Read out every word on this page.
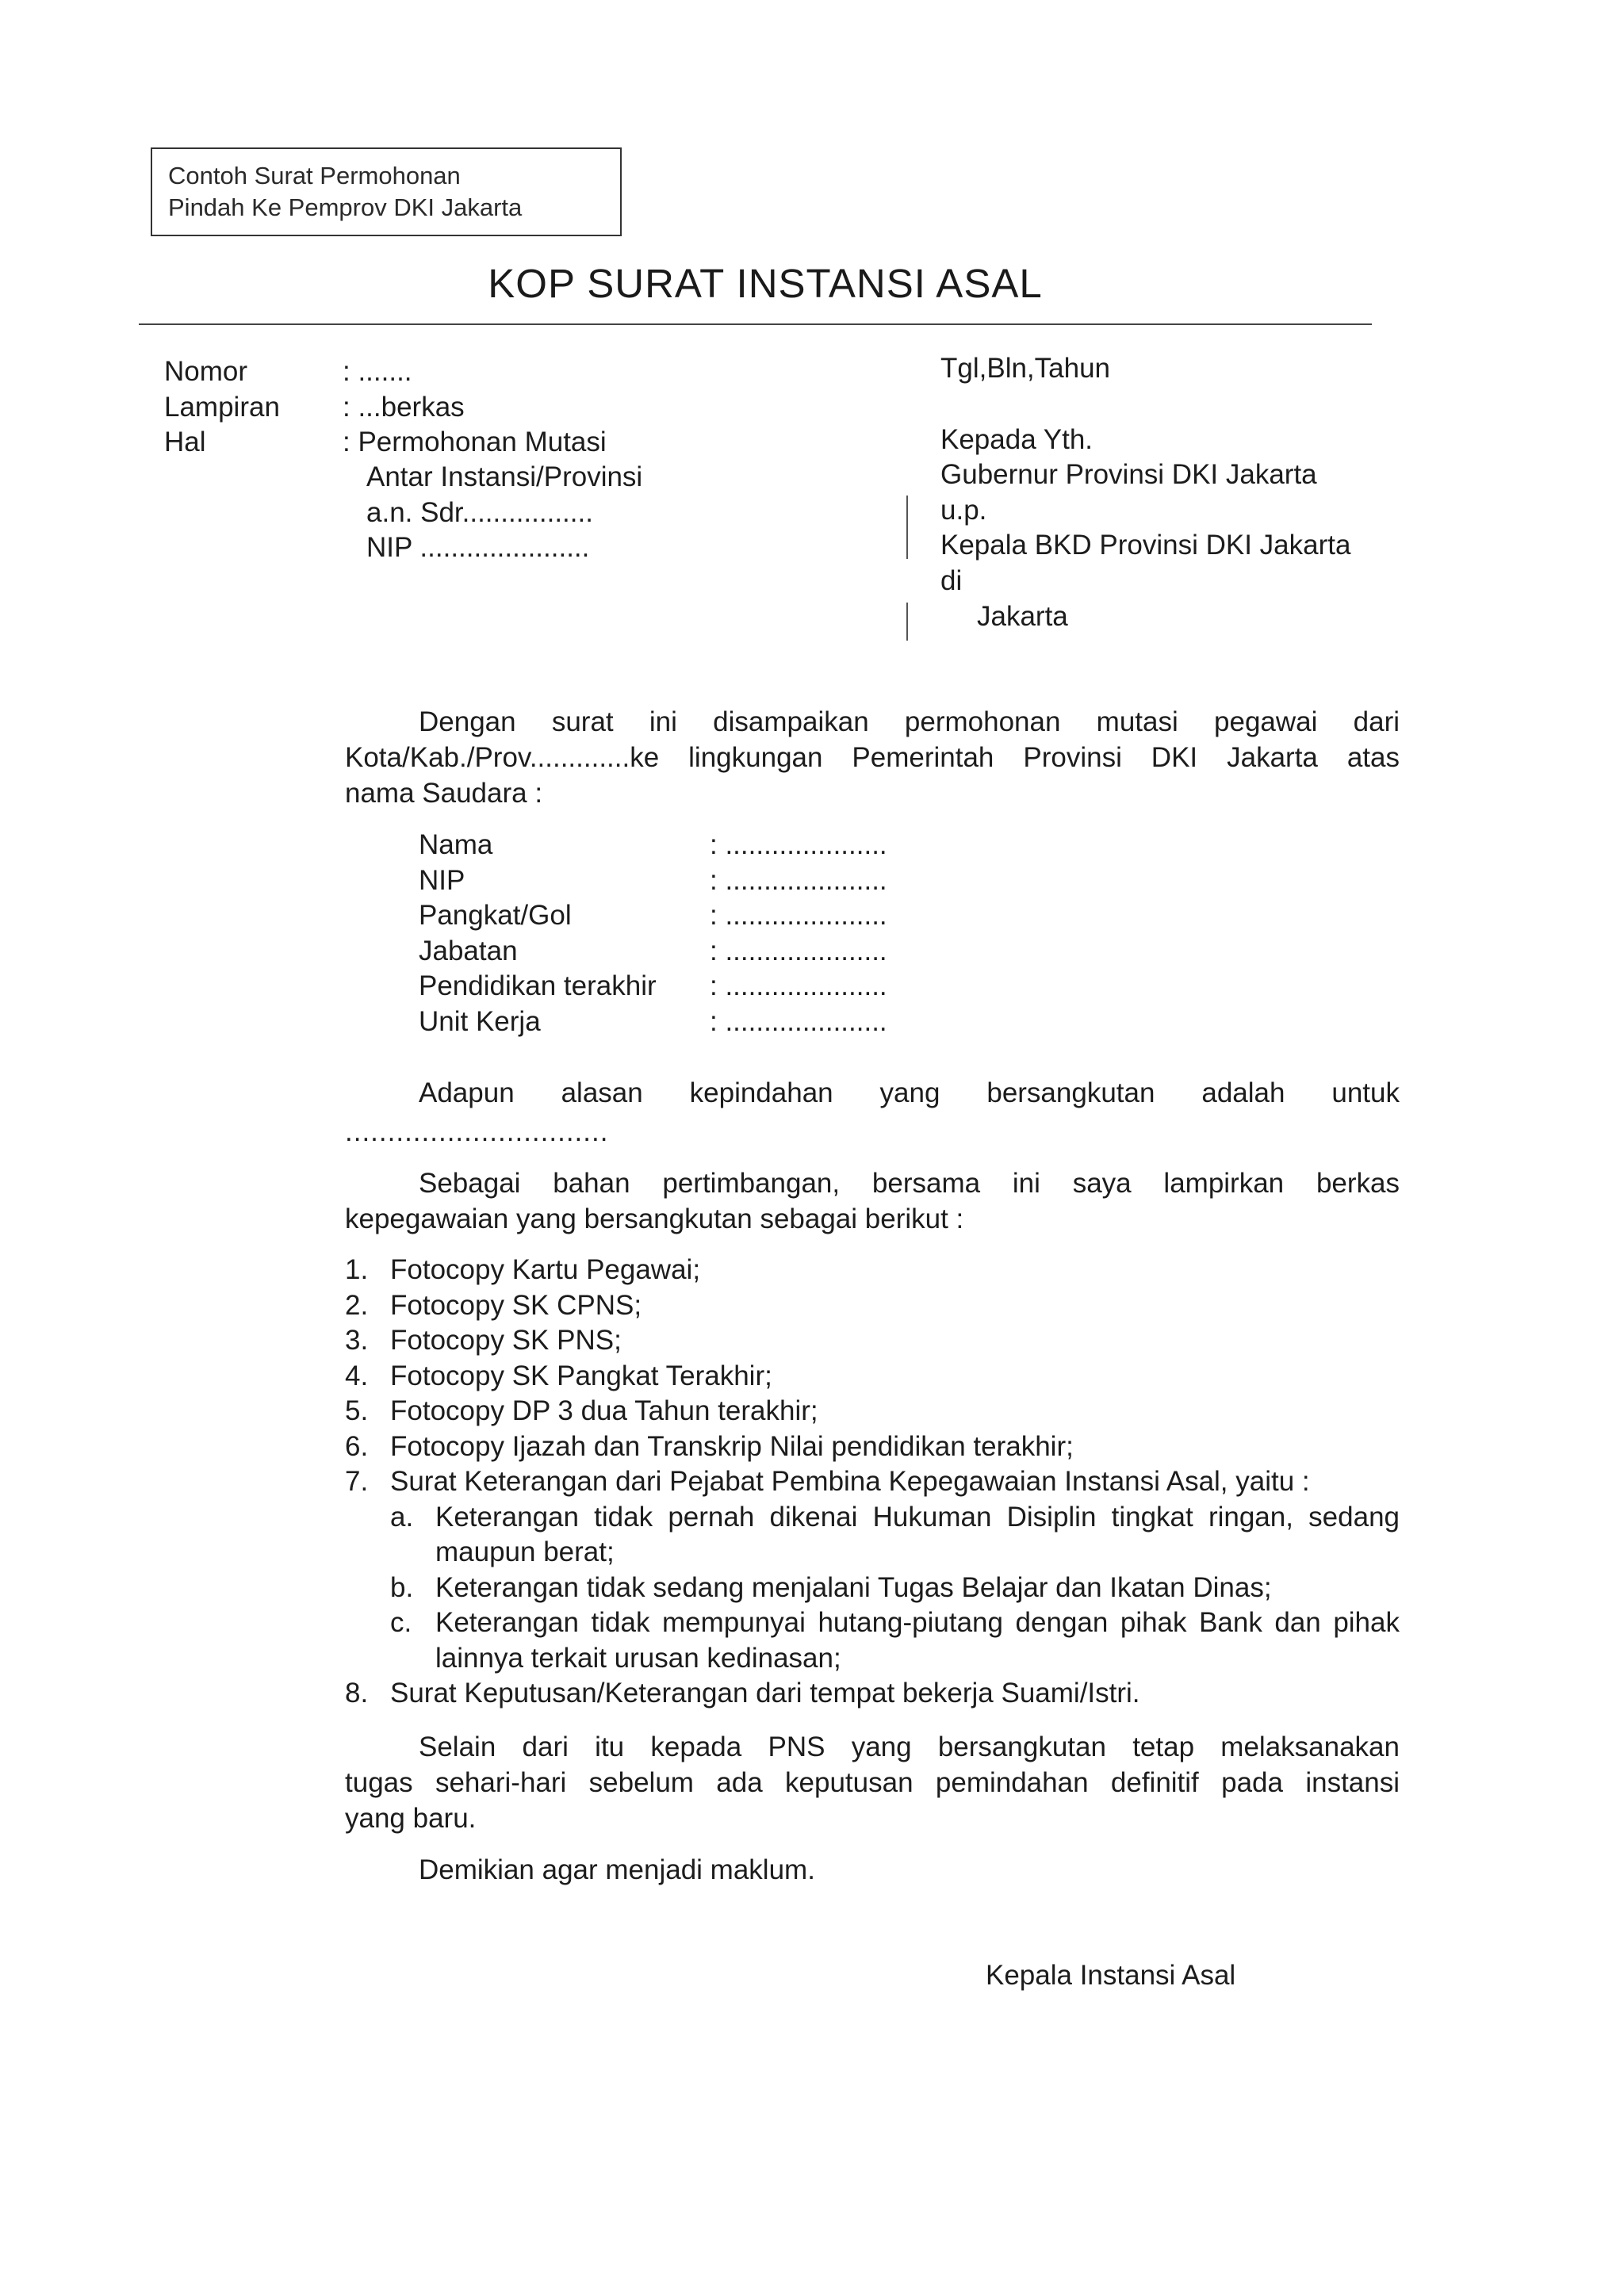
Contoh Surat Permohonan
Pindah Ke Pemprov DKI Jakarta
KOP SURAT INSTANSI ASAL
Nomor	: .......
Lampiran : ...berkas
Hal	: Permohonan Mutasi
Antar Instansi/Provinsi
a.n. Sdr.................
NIP ......................
Tgl,Bln,Tahun
Kepada Yth.
Gubernur Provinsi DKI Jakarta
u.p.
Kepala BKD Provinsi DKI Jakarta
di
Jakarta
Dengan surat ini disampaikan permohonan mutasi pegawai dari
Kota/Kab./Prov.............ke lingkungan Pemerintah Provinsi DKI Jakarta atas
nama Saudara :
Nama	: .....................
NIP	: .....................
Pangkat/Gol	: .....................
Jabatan	: .....................
Pendidikan terakhir	: .....................
Unit Kerja	: .....................
Adapun alasan kepindahan yang bersangkutan adalah untuk
...............................
Sebagai bahan pertimbangan, bersama ini saya lampirkan berkas
kepegawaian yang bersangkutan sebagai berikut :
1. Fotocopy Kartu Pegawai;
2. Fotocopy SK CPNS;
3. Fotocopy SK PNS;
4. Fotocopy SK Pangkat Terakhir;
5. Fotocopy DP 3 dua Tahun terakhir;
6. Fotocopy Ijazah dan Transkrip Nilai pendidikan terakhir;
7. Surat Keterangan dari Pejabat Pembina Kepegawaian Instansi Asal, yaitu :
a. Keterangan tidak pernah dikenai Hukuman Disiplin tingkat ringan, sedang maupun berat;
b. Keterangan tidak sedang menjalani Tugas Belajar dan Ikatan Dinas;
c. Keterangan tidak mempunyai hutang-piutang dengan pihak Bank dan pihak lainnya terkait urusan kedinasan;
8. Surat Keputusan/Keterangan dari tempat bekerja Suami/Istri.
Selain dari itu kepada PNS yang bersangkutan tetap melaksanakan
tugas sehari-hari sebelum ada keputusan pemindahan definitif pada instansi
yang baru.
Demikian agar menjadi maklum.
Kepala Instansi Asal
